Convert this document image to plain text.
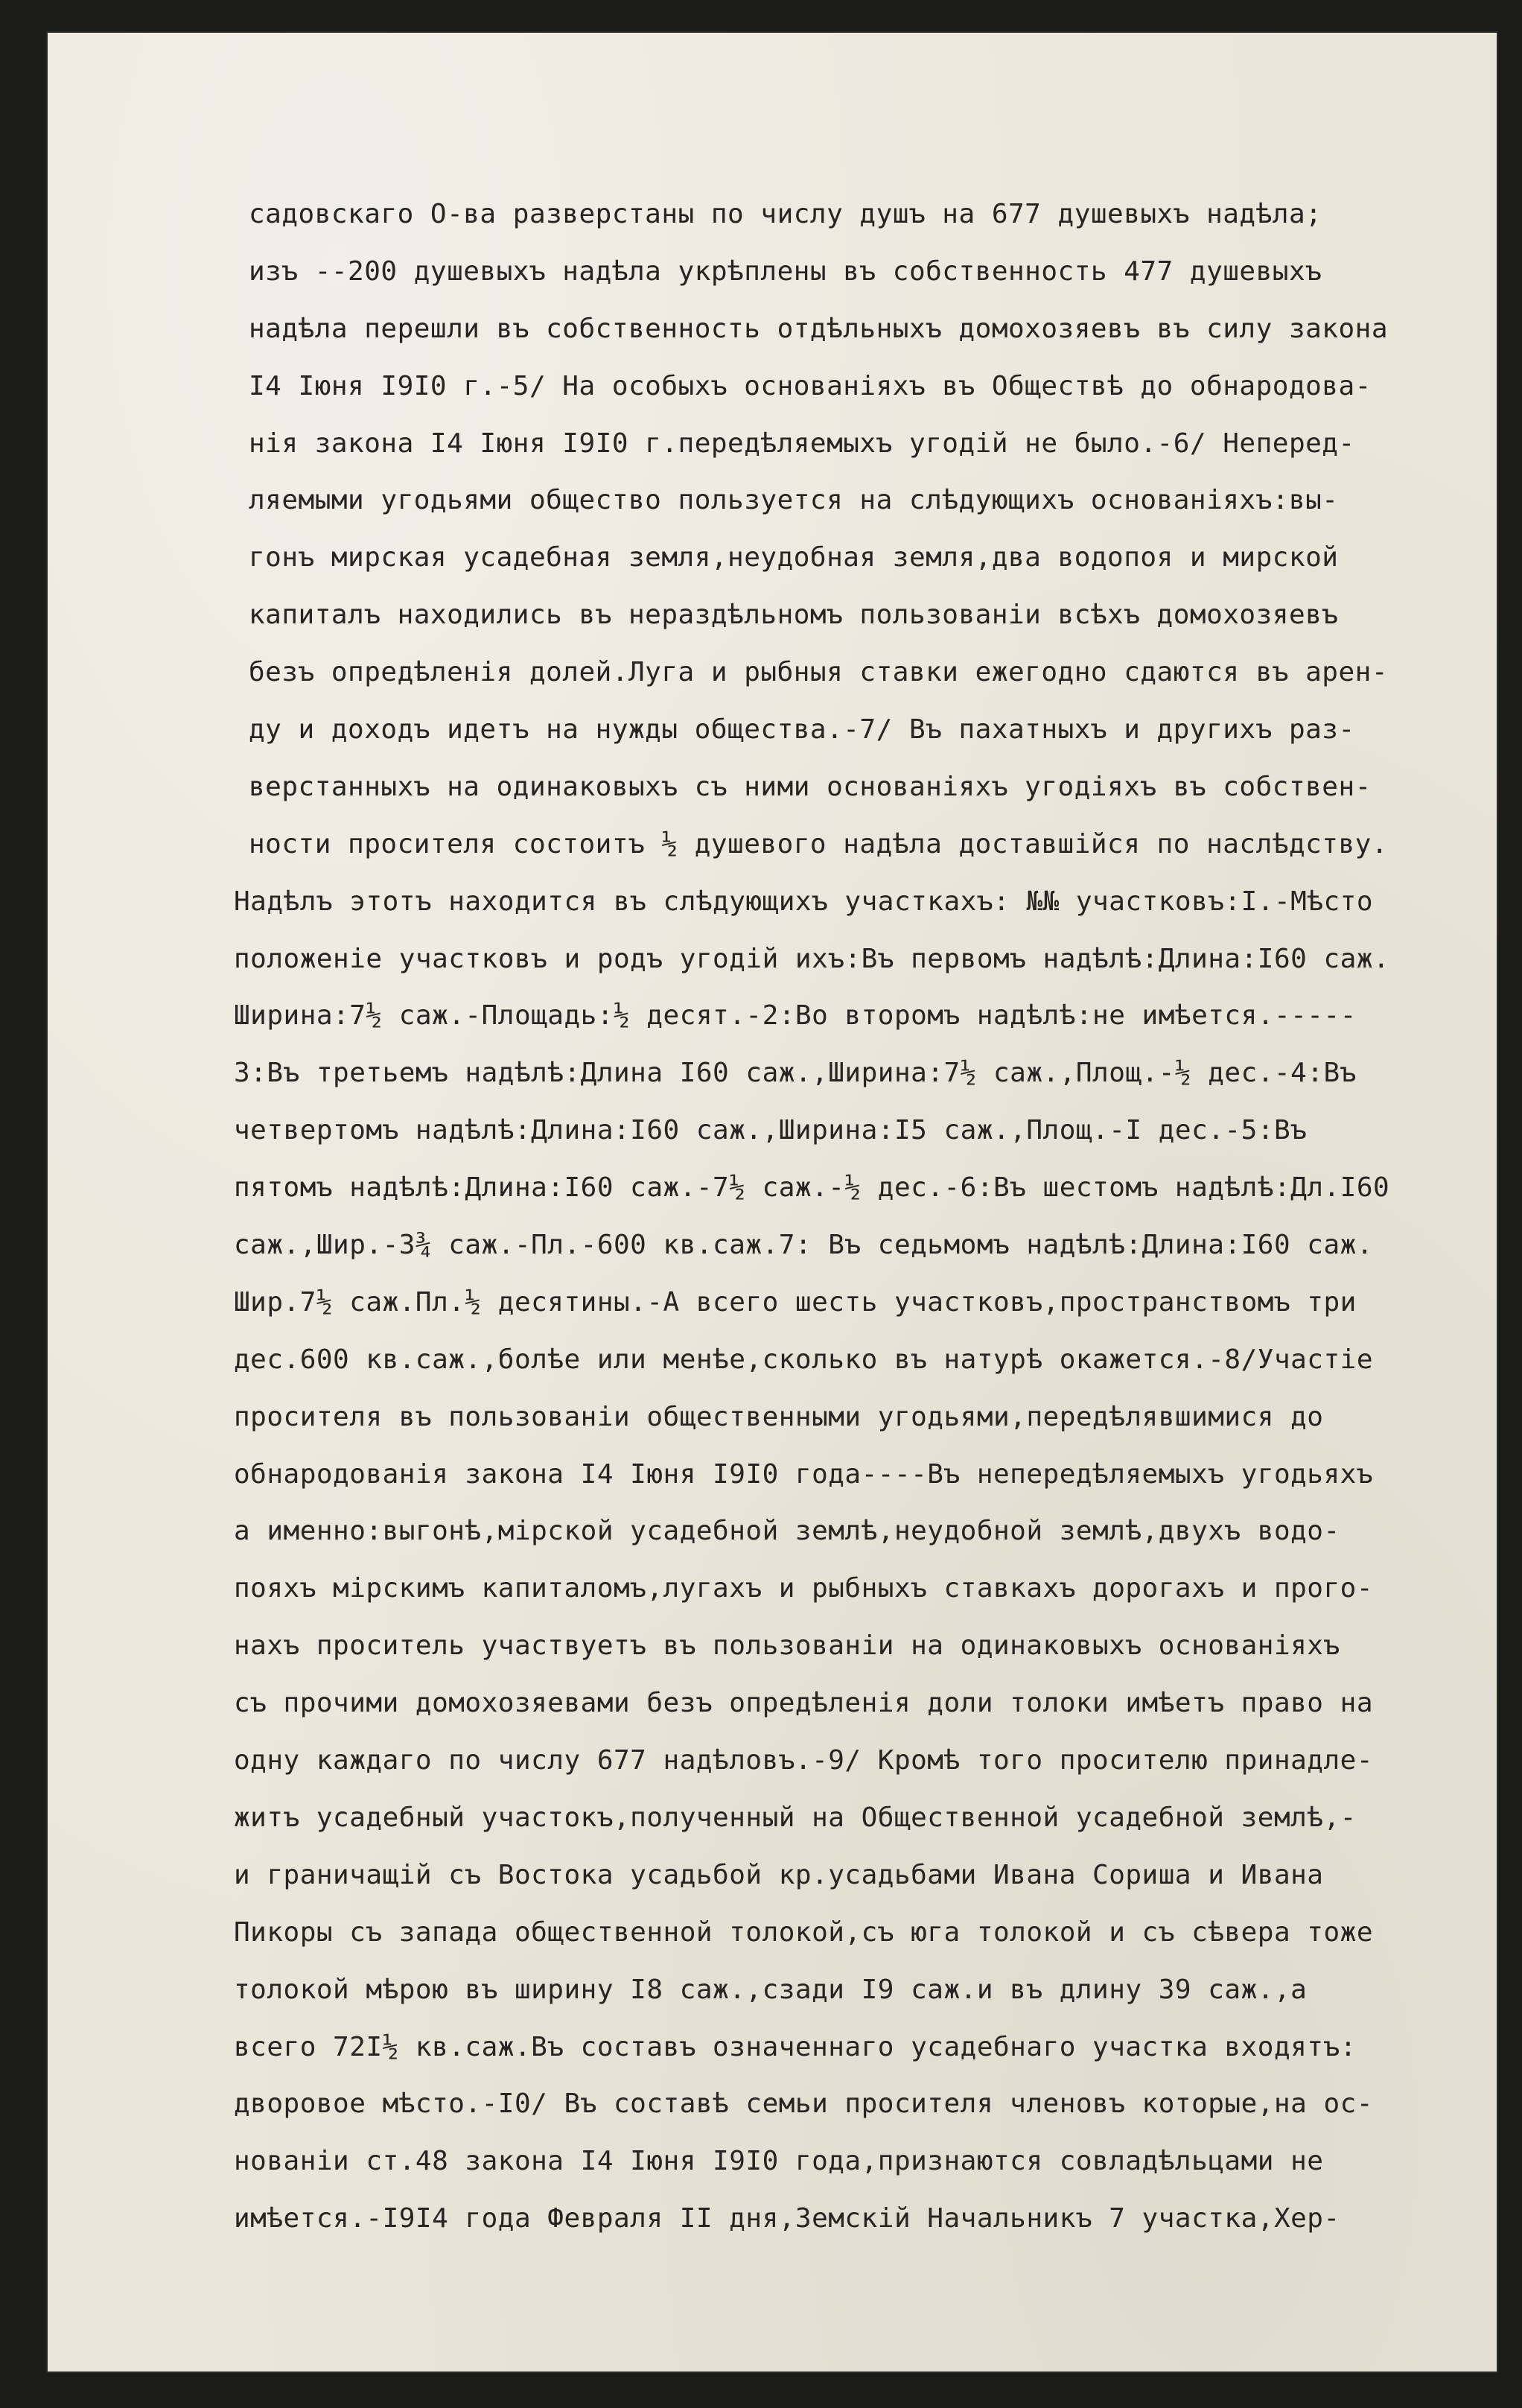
садовскаго О-ва разверстаны по числу душъ на 677 душевыхъ надѣла;
изъ --200 душевыхъ надѣла укрѣплены въ собственность 477 душевыхъ
надѣла перешли въ собственность отдѣльныхъ домохозяевъ въ силу закона
I4 Iюня I9I0 г.-5/ На особыхъ основанiяхъ въ Обществѣ до обнародова-
нiя закона I4 Iюня I9I0 г.передѣляемыхъ угодiй не было.-6/ Неперед-
ляемыми угодьями общество пользуется на слѣдующихъ основанiяхъ:вы-
гонъ мирская усадебная земля,неудобная земля,два водопоя и мирской
капиталъ находились въ нераздѣльномъ пользованiи всѣхъ домохозяевъ
безъ опредѣленiя долей.Луга и рыбныя ставки ежегодно сдаются въ арен-
ду и доходъ идетъ на нужды общества.-7/ Въ пахатныхъ и другихъ раз-
верстанныхъ на одинаковыхъ съ ними основанiяхъ угодiяхъ въ собствен-
ности просителя состоитъ ½ душевого надѣла доставшiйся по наслѣдству.
Надѣлъ этотъ находится въ слѣдующихъ участкахъ: №№ участковъ:I.-Мѣсто
положенiе участковъ и родъ угодiй ихъ:Въ первомъ надѣлѣ:Длина:I60 саж.
Ширина:7½ саж.-Площадь:½ десят.-2:Во второмъ надѣлѣ:не имѣется.-----
3:Въ третьемъ надѣлѣ:Длина I60 саж.,Ширина:7½ саж.,Площ.-½ дес.-4:Въ
четвертомъ надѣлѣ:Длина:I60 саж.,Ширина:I5 саж.,Площ.-I дес.-5:Въ
пятомъ надѣлѣ:Длина:I60 саж.-7½ саж.-½ дес.-6:Въ шестомъ надѣлѣ:Дл.I60
саж.,Шир.-3¾ саж.-Пл.-600 кв.саж.7: Въ седьмомъ надѣлѣ:Длина:I60 саж.
Шир.7½ саж.Пл.½ десятины.-А всего шесть участковъ,пространствомъ три
дес.600 кв.саж.,болѣе или менѣе,сколько въ натурѣ окажется.-8/Участiе
просителя въ пользованiи общественными угодьями,передѣлявшимися до
обнародованiя закона I4 Iюня I9I0 года----Въ непередѣляемыхъ угодьяхъ
а именно:выгонѣ,мiрской усадебной землѣ,неудобной землѣ,двухъ водо-
пояхъ мiрскимъ капиталомъ,лугахъ и рыбныхъ ставкахъ дорогахъ и прого-
нахъ проситель участвуетъ въ пользованiи на одинаковыхъ основанiяхъ
съ прочими домохозяевами безъ опредѣленiя доли толоки имѣетъ право на
одну каждаго по числу 677 надѣловъ.-9/ Кромѣ того просителю принадле-
житъ усадебный участокъ,полученный на Общественной усадебной землѣ,-
и граничащiй съ Востока усадьбой кр.усадьбами Ивана Сориша и Ивана
Пикоры съ запада общественной толокой,съ юга толокой и съ сѣвера тоже
толокой мѣрою въ ширину I8 саж.,сзади I9 саж.и въ длину 39 саж.,а
всего 72I½ кв.саж.Въ составъ означеннаго усадебнаго участка входятъ:
дворовое мѣсто.-I0/ Въ составѣ семьи просителя членовъ которые,на ос-
нованiи ст.48 закона I4 Iюня I9I0 года,признаются совладѣльцами не
имѣется.-I9I4 года Февраля II дня,Земскiй Начальникъ 7 участка,Хер-
